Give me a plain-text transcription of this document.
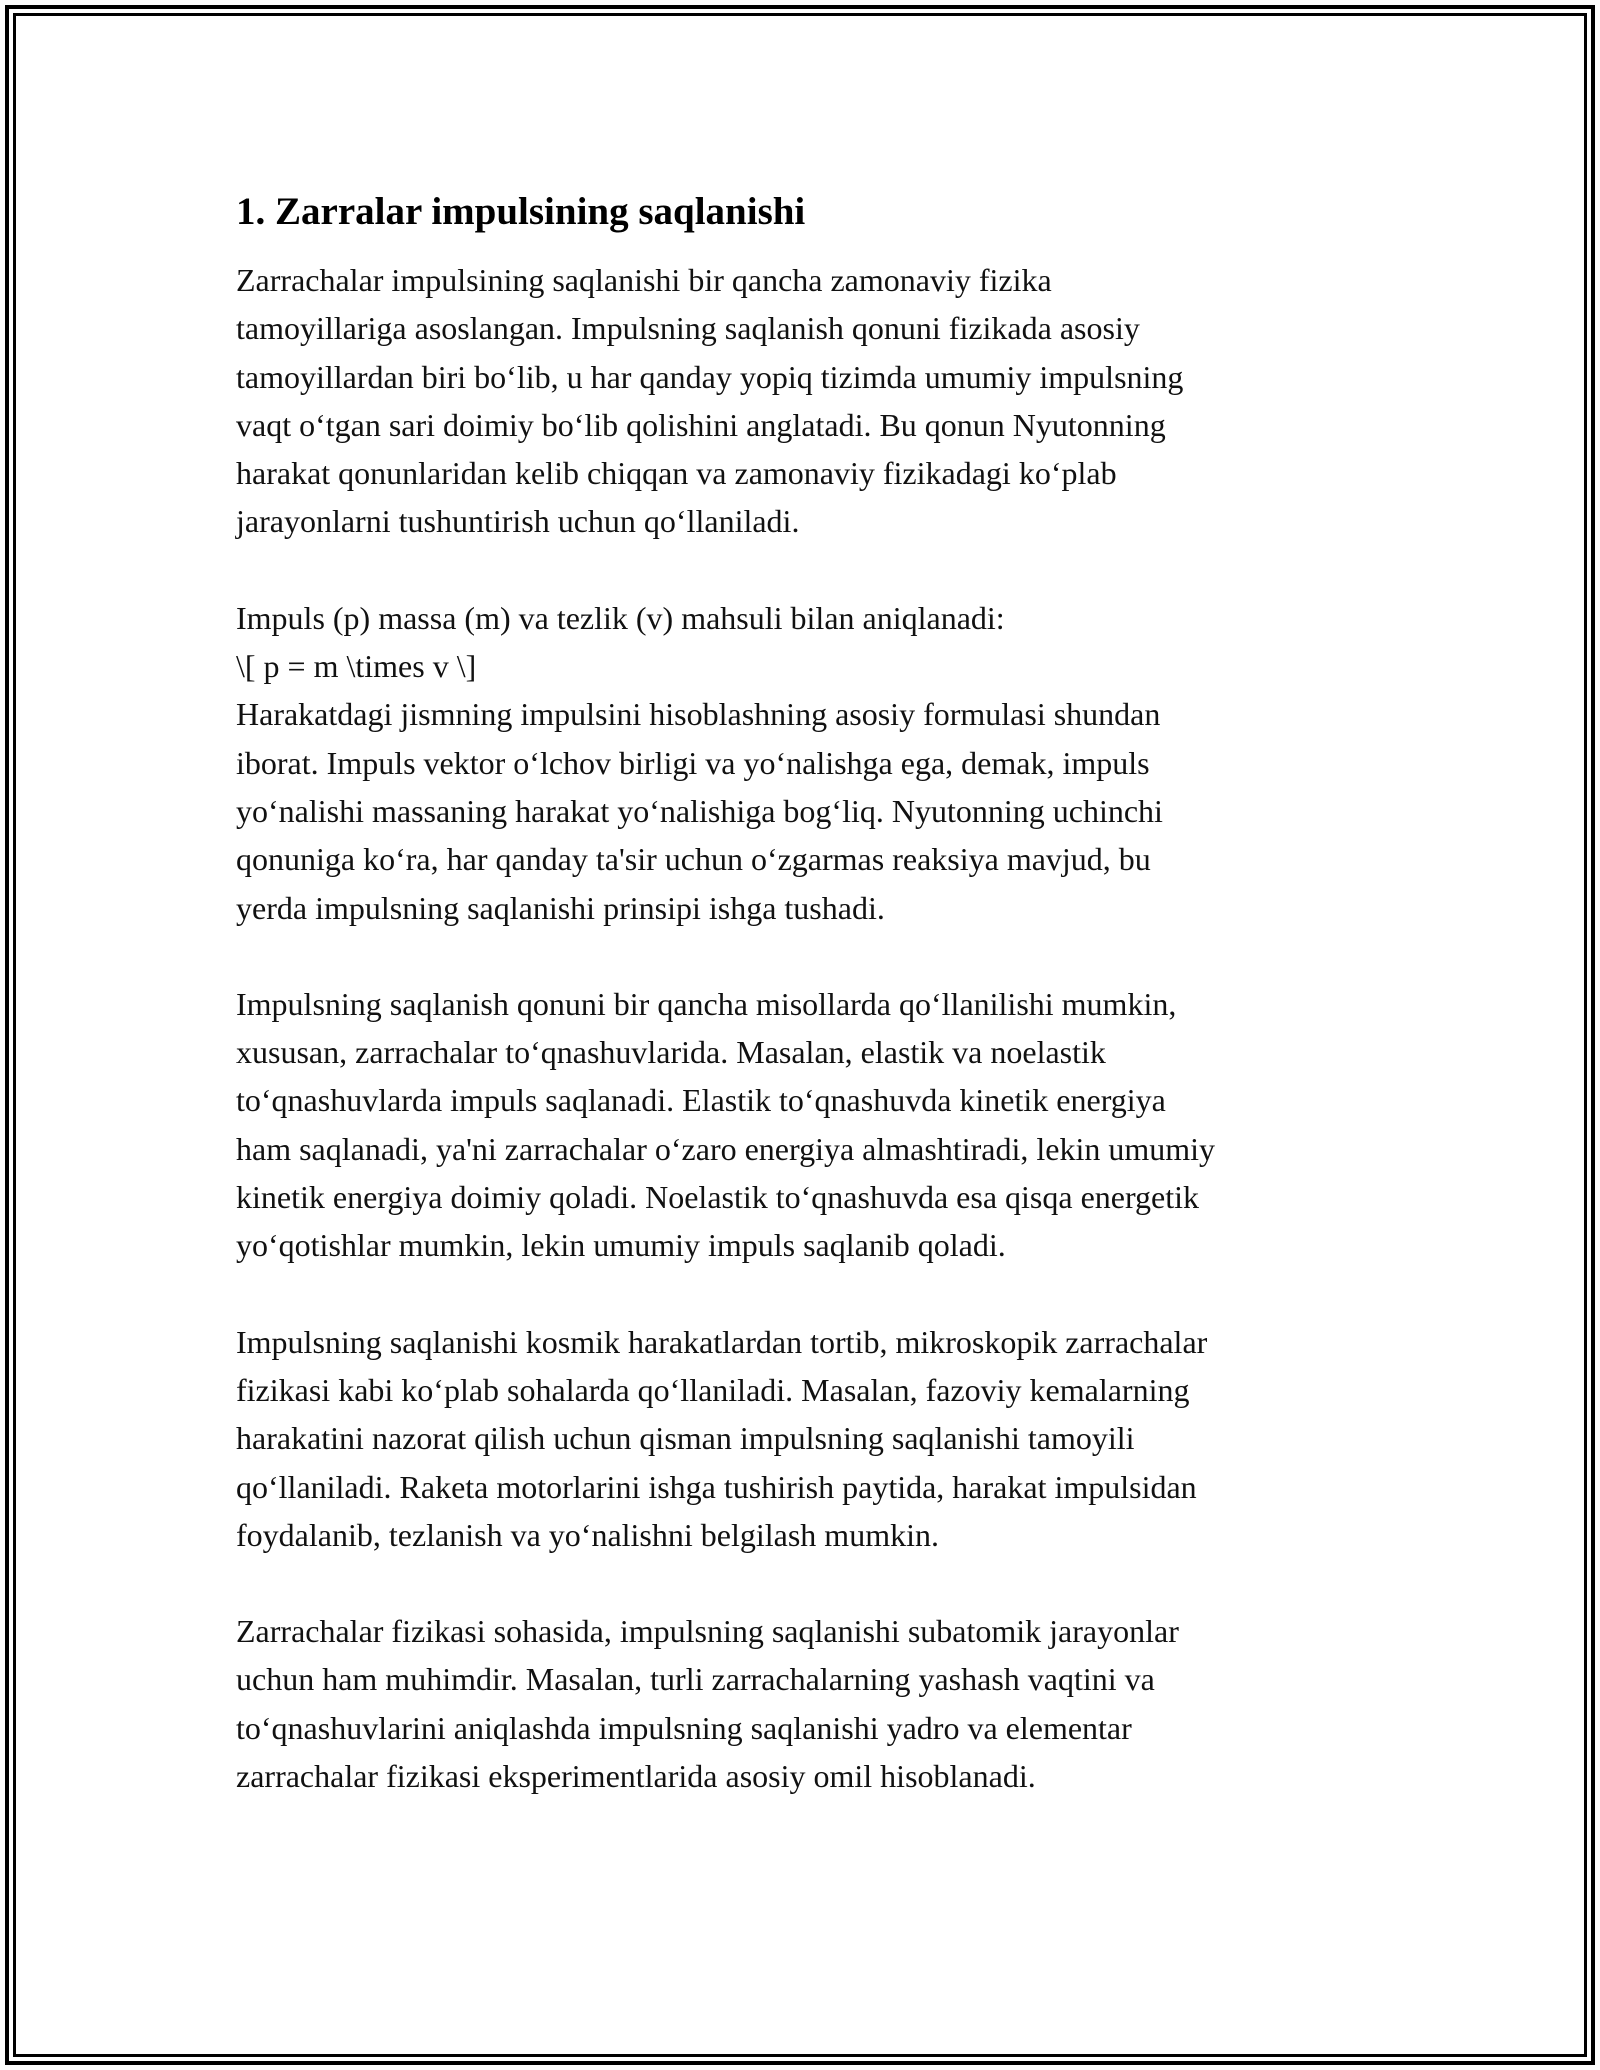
1. Zarralar impulsining saqlanishi

Zarrachalar impulsining saqlanishi bir qancha zamonaviy fizika
tamoyillariga asoslangan. Impulsning saqlanish qonuni fizikada asosiy
tamoyillardan biri bo‘lib, u har qanday yopiq tizimda umumiy impulsning
vaqt o‘tgan sari doimiy bo‘lib qolishini anglatadi. Bu qonun Nyutonning
harakat qonunlaridan kelib chiqqan va zamonaviy fizikadagi ko‘plab
jarayonlarni tushuntirish uchun qo‘llaniladi.

Impuls (p) massa (m) va tezlik (v) mahsuli bilan aniqlanadi:
\[ p = m \times v \]
Harakatdagi jismning impulsini hisoblashning asosiy formulasi shundan
iborat. Impuls vektor o‘lchov birligi va yo‘nalishga ega, demak, impuls
yo‘nalishi massaning harakat yo‘nalishiga bog‘liq. Nyutonning uchinchi
qonuniga ko‘ra, har qanday ta'sir uchun o‘zgarmas reaksiya mavjud, bu
yerda impulsning saqlanishi prinsipi ishga tushadi.

Impulsning saqlanish qonuni bir qancha misollarda qo‘llanilishi mumkin,
xususan, zarrachalar to‘qnashuvlarida. Masalan, elastik va noelastik
to‘qnashuvlarda impuls saqlanadi. Elastik to‘qnashuvda kinetik energiya
ham saqlanadi, ya'ni zarrachalar o‘zaro energiya almashtiradi, lekin umumiy
kinetik energiya doimiy qoladi. Noelastik to‘qnashuvda esa qisqa energetik
yo‘qotishlar mumkin, lekin umumiy impuls saqlanib qoladi.

Impulsning saqlanishi kosmik harakatlardan tortib, mikroskopik zarrachalar
fizikasi kabi ko‘plab sohalarda qo‘llaniladi. Masalan, fazoviy kemalarning
harakatini nazorat qilish uchun qisman impulsning saqlanishi tamoyili
qo‘llaniladi. Raketa motorlarini ishga tushirish paytida, harakat impulsidan
foydalanib, tezlanish va yo‘nalishni belgilash mumkin.

Zarrachalar fizikasi sohasida, impulsning saqlanishi subatomik jarayonlar
uchun ham muhimdir. Masalan, turli zarrachalarning yashash vaqtini va
to‘qnashuvlarini aniqlashda impulsning saqlanishi yadro va elementar
zarrachalar fizikasi eksperimentlarida asosiy omil hisoblanadi.
